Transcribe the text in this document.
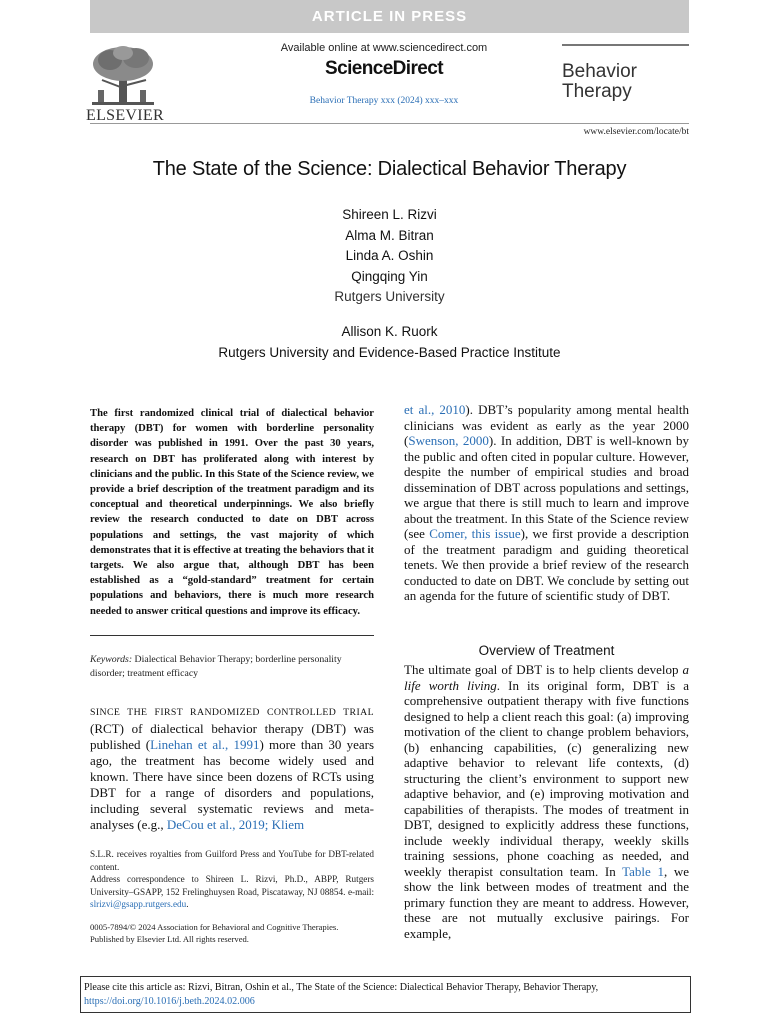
ARTICLE IN PRESS
ELSEVIER
Available online at www.sciencedirect.com
ScienceDirect
Behavior Therapy xxx (2024) xxx–xxx
Behavior Therapy
www.elsevier.com/locate/bt
The State of the Science: Dialectical Behavior Therapy
Shireen L. Rizvi
Alma M. Bitran
Linda A. Oshin
Qingqing Yin
Rutgers University
Allison K. Ruork
Rutgers University and Evidence-Based Practice Institute

The first randomized clinical trial of dialectical behavior therapy (DBT) for women with borderline personality disorder was published in 1991. Over the past 30 years, research on DBT has proliferated along with interest by clinicians and the public. In this State of the Science review, we provide a brief description of the treatment paradigm and its conceptual and theoretical underpinnings. We also briefly review the research conducted to date on DBT across populations and settings, the vast majority of which demonstrates that it is effective at treating the behaviors that it targets. We also argue that, although DBT has been established as a “gold-standard” treatment for certain populations and behaviors, there is much more research needed to answer critical questions and improve its efficacy.

Keywords: Dialectical Behavior Therapy; borderline personality disorder; treatment efficacy

SINCE THE FIRST RANDOMIZED CONTROLLED TRIAL (RCT) of dialectical behavior therapy (DBT) was published (Linehan et al., 1991) more than 30 years ago, the treatment has become widely used and known. There have since been dozens of RCTs using DBT for a range of disorders and populations, including several systematic reviews and meta-analyses (e.g., DeCou et al., 2019; Kliem

S.L.R. receives royalties from Guilford Press and YouTube for DBT-related content.
Address correspondence to Shireen L. Rizvi, Ph.D., ABPP, Rutgers University–GSAPP, 152 Frelinghuysen Road, Piscataway, NJ 08854. e-mail: slrizvi@gsapp.rutgers.edu.

0005-7894/© 2024 Association for Behavioral and Cognitive Therapies. Published by Elsevier Ltd. All rights reserved.

et al., 2010). DBT’s popularity among mental health clinicians was evident as early as the year 2000 (Swenson, 2000). In addition, DBT is well-known by the public and often cited in popular culture. However, despite the number of empirical studies and broad dissemination of DBT across populations and settings, we argue that there is still much to learn and improve about the treatment. In this State of the Science review (see Comer, this issue), we first provide a description of the treatment paradigm and guiding theoretical tenets. We then provide a brief review of the research conducted to date on DBT. We conclude by setting out an agenda for the future of scientific study of DBT.

Overview of Treatment

The ultimate goal of DBT is to help clients develop a life worth living. In its original form, DBT is a comprehensive outpatient therapy with five functions designed to help a client reach this goal: (a) improving motivation of the client to change problem behaviors, (b) enhancing capabilities, (c) generalizing new adaptive behavior to relevant life contexts, (d) structuring the client’s environment to support new adaptive behavior, and (e) improving motivation and capabilities of therapists. The modes of treatment in DBT, designed to explicitly address these functions, include weekly individual therapy, weekly skills training sessions, phone coaching as needed, and weekly therapist consultation team. In Table 1, we show the link between modes of treatment and the primary function they are meant to address. However, these are not mutually exclusive pairings. For example,

Please cite this article as: Rizvi, Bitran, Oshin et al., The State of the Science: Dialectical Behavior Therapy, Behavior Therapy,
https://doi.org/10.1016/j.beth.2024.02.006
